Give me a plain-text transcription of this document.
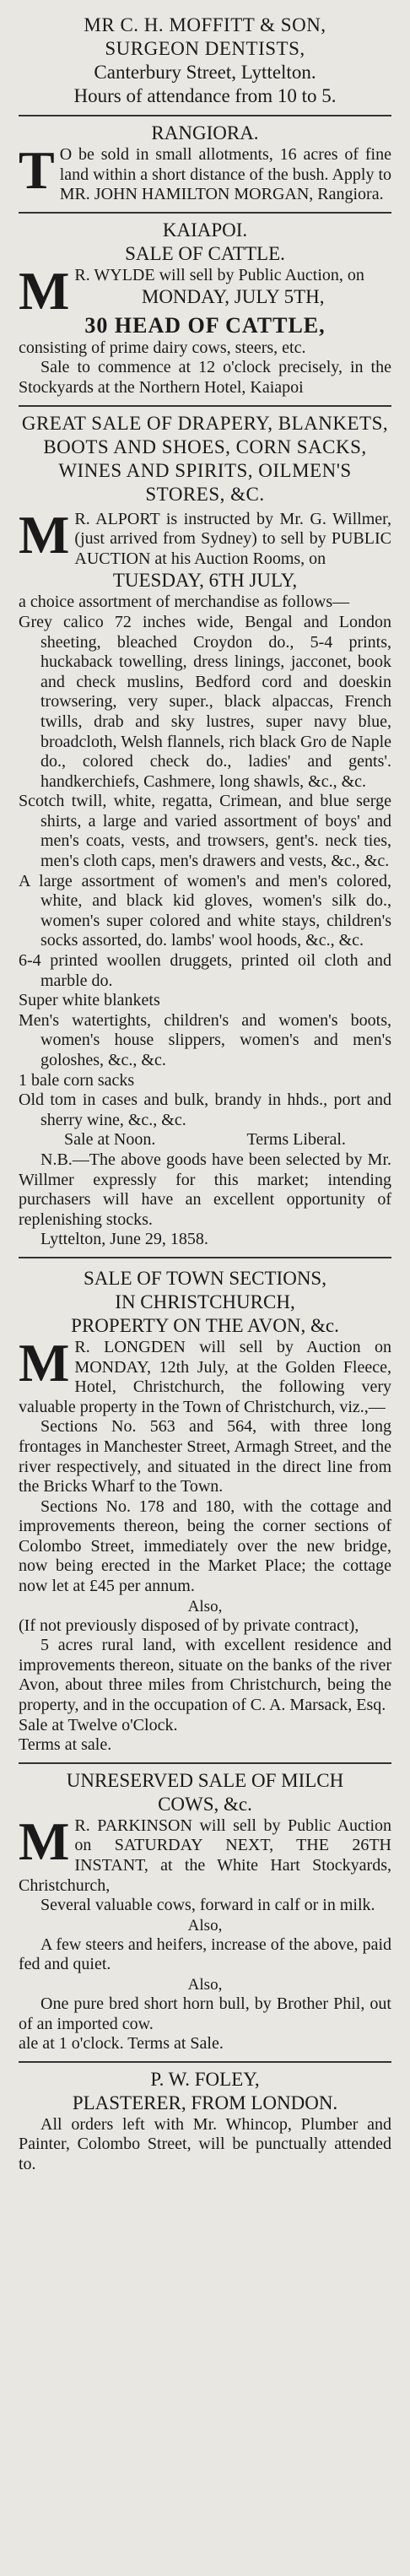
MR C. H. MOFFITT & SON,
SURGEON DENTISTS,
Canterbury Street, Lyttelton.
Hours of attendance from 10 to 5.
RANGIORA.

T O be sold in small allotments, 16 acres of fine land within a short distance of the bush. Apply to MR. JOHN HAMILTON MORGAN, Rangiora.

KAIAPOI.
SALE OF CATTLE.

M R. WYLDE will sell by Public Auction, on

MONDAY, JULY 5TH,
30 HEAD OF CATTLE,

consisting of prime dairy cows, steers, etc.

Sale to commence at 12 o'clock precisely, in the Stockyards at the Northern Hotel, Kaiapoi

GREAT SALE OF DRAPERY, BLANKETS, BOOTS AND SHOES, CORN SACKS, WINES AND SPIRITS, OILMEN'S STORES, &C.

M R. ALPORT is instructed by Mr. G. Willmer, (just arrived from Sydney) to sell by PUBLIC AUCTION at his Auction Rooms, on

TUESDAY, 6TH JULY,

a choice assortment of merchandise as follows—

Grey calico 72 inches wide, Bengal and London sheeting, bleached Croydon do., 5-4 prints, huckaback towelling, dress linings, jacconet, book and check muslins, Bedford cord and doeskin trowsering, very super., black alpaccas, French twills, drab and sky lustres, super navy blue, broadcloth, Welsh flannels, rich black Gro de Naple do., colored check do., ladies' and gents'. handkerchiefs, Cashmere, long shawls, &c., &c.

Scotch twill, white, regatta, Crimean, and blue serge shirts, a large and varied assortment of boys' and men's coats, vests, and trowsers, gent's. neck ties, men's cloth caps, men's drawers and vests, &c., &c.

A large assortment of women's and men's colored, white, and black kid gloves, women's silk do., women's super colored and white stays, children's socks assorted, do. lambs' wool hoods, &c., &c.

6-4 printed woollen druggets, printed oil cloth and marble do.

Super white blankets

Men's watertights, children's and women's boots, women's house slippers, women's and men's goloshes, &c., &c.

1 bale corn sacks

Old tom in cases and bulk, brandy in hhds., port and sherry wine, &c., &c.

Sale at Noon.	Terms Liberal.

N.B.—The above goods have been selected by Mr. Willmer expressly for this market; intending purchasers will have an excellent opportunity of replenishing stocks.

Lyttelton, June 29, 1858.

SALE OF TOWN SECTIONS,
IN CHRISTCHURCH,
PROPERTY ON THE AVON, &c.

M R. LONGDEN will sell by Auction on MONDAY, 12th July, at the Golden Fleece, Hotel, Christchurch, the following very valuable property in the Town of Christchurch, viz.,—

Sections No. 563 and 564, with three long frontages in Manchester Street, Armagh Street, and the river respectively, and situated in the direct line from the Bricks Wharf to the Town.

Sections No. 178 and 180, with the cottage and improvements thereon, being the corner sections of Colombo Street, immediately over the new bridge, now being erected in the Market Place; the cottage now let at £45 per annum.

Also,

(If not previously disposed of by private contract),

5 acres rural land, with excellent residence and improvements thereon, situate on the banks of the river Avon, about three miles from Christchurch, being the property, and in the occupation of C. A. Marsack, Esq.

Sale at Twelve o'Clock.
Terms at sale.
UNRESERVED SALE OF MILCH
COWS, &c.

M R. PARKINSON will sell by Public Auction on SATURDAY NEXT, THE 26TH INSTANT, at the White Hart Stockyards, Christchurch,

Several valuable cows, forward in calf or in milk.

Also,

A few steers and heifers, increase of the above, paid fed and quiet.

Also,

One pure bred short horn bull, by Brother Phil, out of an imported cow.

ale at 1 o'clock. Terms at Sale.

P. W. FOLEY,
PLASTERER, FROM LONDON.

All orders left with Mr. Whincop, Plumber and Painter, Colombo Street, will be punctually attended to.
